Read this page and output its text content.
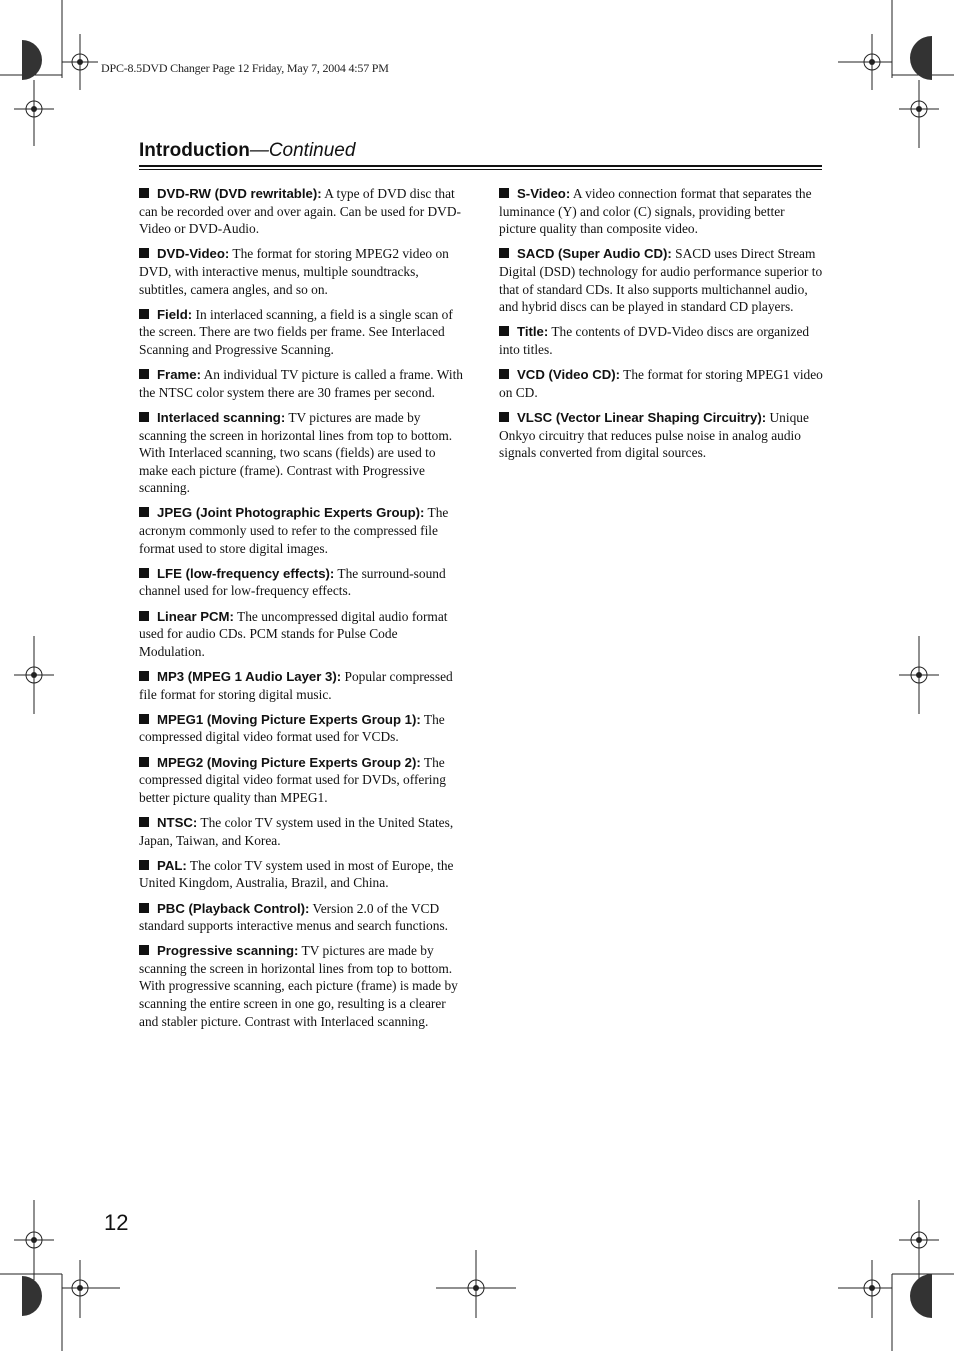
DPC-8.5DVD Changer Page 12 Friday, May 7, 2004 4:57 PM
Introduction—Continued

DVD-RW (DVD rewritable): A type of DVD disc that can be recorded over and over again. Can be used for DVD-Video or DVD-Audio.

DVD-Video: The format for storing MPEG2 video on DVD, with interactive menus, multiple soundtracks, subtitles, camera angles, and so on.

Field: In interlaced scanning, a field is a single scan of the screen. There are two fields per frame. See Interlaced Scanning and Progressive Scanning.

Frame: An individual TV picture is called a frame. With the NTSC color system there are 30 frames per second.

Interlaced scanning: TV pictures are made by scanning the screen in horizontal lines from top to bottom. With Interlaced scanning, two scans (fields) are used to make each picture (frame). Contrast with Progressive scanning.

JPEG (Joint Photographic Experts Group): The acronym commonly used to refer to the compressed file format used to store digital images.

LFE (low-frequency effects): The surround-sound channel used for low-frequency effects.

Linear PCM: The uncompressed digital audio format used for audio CDs. PCM stands for Pulse Code Modulation.

MP3 (MPEG 1 Audio Layer 3): Popular compressed file format for storing digital music.

MPEG1 (Moving Picture Experts Group 1): The compressed digital video format used for VCDs.

MPEG2 (Moving Picture Experts Group 2): The compressed digital video format used for DVDs, offering better picture quality than MPEG1.

NTSC: The color TV system used in the United States, Japan, Taiwan, and Korea.

PAL: The color TV system used in most of Europe, the United Kingdom, Australia, Brazil, and China.

PBC (Playback Control): Version 2.0 of the VCD standard supports interactive menus and search functions.

Progressive scanning: TV pictures are made by scanning the screen in horizontal lines from top to bottom. With progressive scanning, each picture (frame) is made by scanning the entire screen in one go, resulting is a clearer and stabler picture. Contrast with Interlaced scanning.

S-Video: A video connection format that separates the luminance (Y) and color (C) signals, providing better picture quality than composite video.

SACD (Super Audio CD): SACD uses Direct Stream Digital (DSD) technology for audio performance superior to that of standard CDs. It also supports multichannel audio, and hybrid discs can be played in standard CD players.

Title: The contents of DVD-Video discs are organized into titles.

VCD (Video CD): The format for storing MPEG1 video on CD.

VLSC (Vector Linear Shaping Circuitry): Unique Onkyo circuitry that reduces pulse noise in analog audio signals converted from digital sources.

12
